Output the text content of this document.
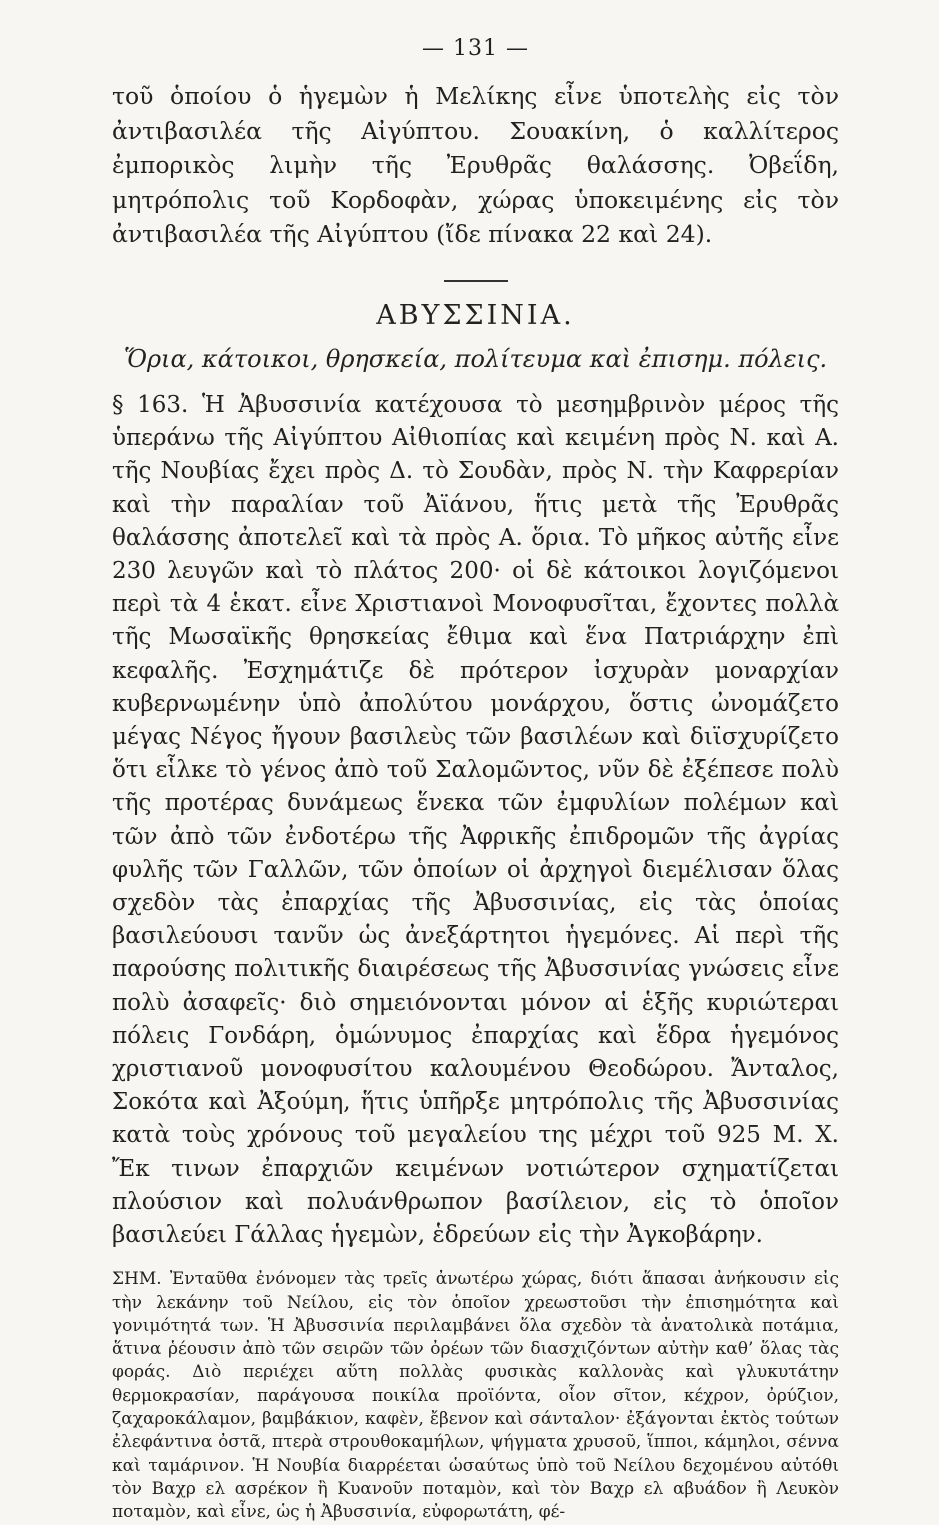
— 131 —

τοῦ ὁποίου ὁ ἡγεμὼν ἡ Μελίκης εἶνε ὑποτελὴς εἰς τὸν ἀντιβασιλέα τῆς Αἰγύπτου. Σουακίνη, ὁ καλλίτερος ἐμπορικὸς λιμὴν τῆς Ἐρυθρᾶς θαλάσσης. Ὀβεΐδη, μητρόπολις τοῦ Κορδοφὰν, χώρας ὑποκειμένης εἰς τὸν ἀντιβασιλέα τῆς Αἰγύπτου (ἴδε πίνακα 22 καὶ 24).

ΑΒΥΣΣΙΝΙΑ.
Ὅρια, κάτοικοι, θρησκεία, πολίτευμα καὶ ἐπισημ. πόλεις.

§ 163. Ἡ Ἀβυσσινία κατέχουσα τὸ μεσημβρινὸν μέρος τῆς ὑπεράνω τῆς Αἰγύπτου Αἰθιοπίας καὶ κειμένη πρὸς Ν. καὶ Α. τῆς Νουβίας ἔχει πρὸς Δ. τὸ Σουδὰν, πρὸς Ν. τὴν Καφρερίαν καὶ τὴν παραλίαν τοῦ Ἀϊάνου, ἥτις μετὰ τῆς Ἐρυθρᾶς θαλάσσης ἀποτελεῖ καὶ τὰ πρὸς Α. ὅρια. Τὸ μῆκος αὐτῆς εἶνε 230 λευγῶν καὶ τὸ πλάτος 200· οἱ δὲ κάτοικοι λογιζόμενοι περὶ τὰ 4 ἑκατ. εἶνε Χριστιανοὶ Μονοφυσῖται, ἔχοντες πολλὰ τῆς Μωσαϊκῆς θρησκείας ἔθιμα καὶ ἕνα Πατριάρχην ἐπὶ κεφαλῆς. Ἐσχημάτιζε δὲ πρότερον ἰσχυρὰν μοναρχίαν κυβερνωμένην ὑπὸ ἀπολύτου μονάρχου, ὅστις ὠνομάζετο μέγας Νέγος ἤγουν βασιλεὺς τῶν βασιλέων καὶ διϊσχυρίζετο ὅτι εἷλκε τὸ γένος ἀπὸ τοῦ Σαλομῶντος, νῦν δὲ ἐξέπεσε πολὺ τῆς προτέρας δυνάμεως ἕνεκα τῶν ἐμφυλίων πολέμων καὶ τῶν ἀπὸ τῶν ἐνδοτέρω τῆς Ἀφρικῆς ἐπιδρομῶν τῆς ἀγρίας φυλῆς τῶν Γαλλῶν, τῶν ὁποίων οἱ ἀρχηγοὶ διεμέλισαν ὅλας σχεδὸν τὰς ἐπαρχίας τῆς Ἀβυσσινίας, εἰς τὰς ὁποίας βασιλεύουσι τανῦν ὡς ἀνεξάρτητοι ἡγεμόνες. Αἱ περὶ τῆς παρούσης πολιτικῆς διαιρέσεως τῆς Ἀβυσσινίας γνώσεις εἶνε πολὺ ἀσαφεῖς· διὸ σημειόνονται μόνον αἱ ἑξῆς κυριώτεραι πόλεις Γονδάρη, ὁμώνυμος ἐπαρχίας καὶ ἕδρα ἡγεμόνος χριστιανοῦ μονοφυσίτου καλουμένου Θεοδώρου. Ἄνταλος, Σοκότα καὶ Ἀξούμη, ἥτις ὑπῆρξε μητρόπολις τῆς Ἀβυσσινίας κατὰ τοὺς χρόνους τοῦ μεγαλείου της μέχρι τοῦ 925 Μ. Χ. Ἔκ τινων ἐπαρχιῶν κειμένων νοτιώτερον σχηματίζεται πλούσιον καὶ πολυάνθρωπον βασίλειον, εἰς τὸ ὁποῖον βασιλεύει Γάλλας ἡγεμὼν, ἑδρεύων εἰς τὴν Ἀγκοβάρην.

ΣΗΜ. Ἐνταῦθα ἐνόνομεν τὰς τρεῖς ἀνωτέρω χώρας, διότι ἅπασαι ἀνήκουσιν εἰς τὴν λεκάνην τοῦ Νείλου, εἰς τὸν ὁποῖον χρεωστοῦσι τὴν ἐπισημότητα καὶ γονιμότητά των. Ἡ Ἀβυσσινία περιλαμβάνει ὅλα σχεδὸν τὰ ἀνατολικὰ ποτάμια, ἅτινα ῥέουσιν ἀπὸ τῶν σειρῶν τῶν ὀρέων τῶν διασχιζόντων αὐτὴν καθ’ ὅλας τὰς φοράς. Διὸ περιέχει αὕτη πολλὰς φυσικὰς καλλονὰς καὶ γλυκυτάτην θερμοκρασίαν, παράγουσα ποικίλα προϊόντα, οἷον σῖτον, κέχρον, ὀρύζιον, ζαχαροκάλαμον, βαμβάκιον, καφὲν, ἔβενον καὶ σάνταλον· ἐξάγονται ἐκτὸς τούτων ἐλεφάντινα ὀστᾶ, πτερὰ στρουθοκαμήλων, ψήγματα χρυσοῦ, ἵπποι, κάμηλοι, σέννα καὶ ταμάρινον. Ἡ Νουβία διαρρέεται ὡσαύτως ὑπὸ τοῦ Νείλου δεχομένου αὐτόθι τὸν Βαχρ ελ ασρέκον ἢ Κυανοῦν ποταμὸν, καὶ τὸν Βαχρ ελ αβυάδον ἢ Λευκὸν ποταμὸν, καὶ εἶνε, ὡς ἡ Ἀβυσσινία, εὐφορωτάτη, φέ-
